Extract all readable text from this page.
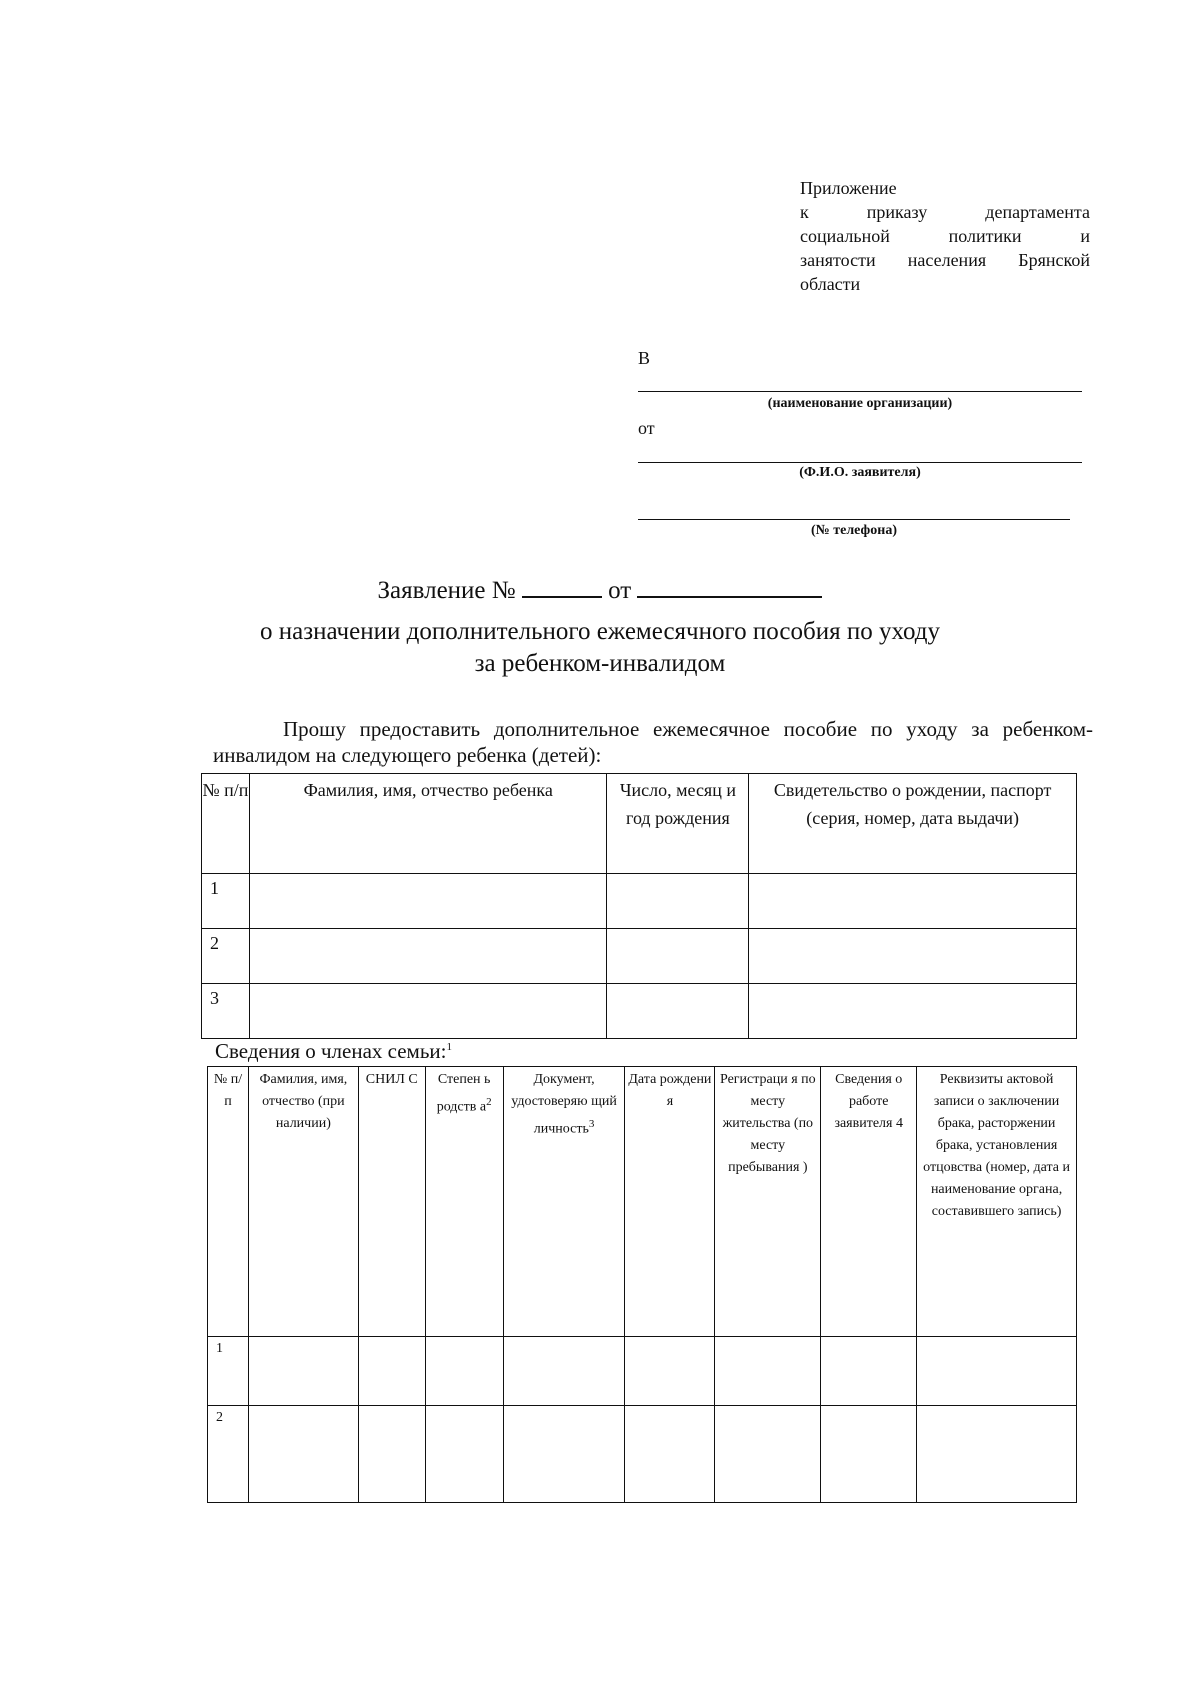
Приложение
к приказу департамента
социальной политики и
занятости населения Брянской
области
В
(наименование организации)
от
(Ф.И.О. заявителя)
(№ телефона)
Заявление №	от
о назначении дополнительного ежемесячного пособия по уходу
за ребенком-инвалидом
Прошу предоставить дополнительное ежемесячное пособие по уходу за ребенком-
инвалидом на следующего ребенка (детей):
№ п/п	Фамилия, имя, отчество ребенка	Число, месяц и год рождения	Свидетельство о рождении, паспорт (серия, номер, дата выдачи)
1			
2			
3			
Сведения о членах семьи:$^1$
№ п/ п	Фамилия, имя, отчество (при наличии)	СНИЛ С	Степен ь родств $а^2$	Документ, удостоверяю щий личность$^3$	Дата рождени я	Регистраци я по месту жительства (по месту пребывания )	Сведения о работе заявителя 4	Реквизиты актовой записи о заключении брака, расторжении брака, установления отцовства (номер, дата и наименование органа, составившего запись)
1								
2								
